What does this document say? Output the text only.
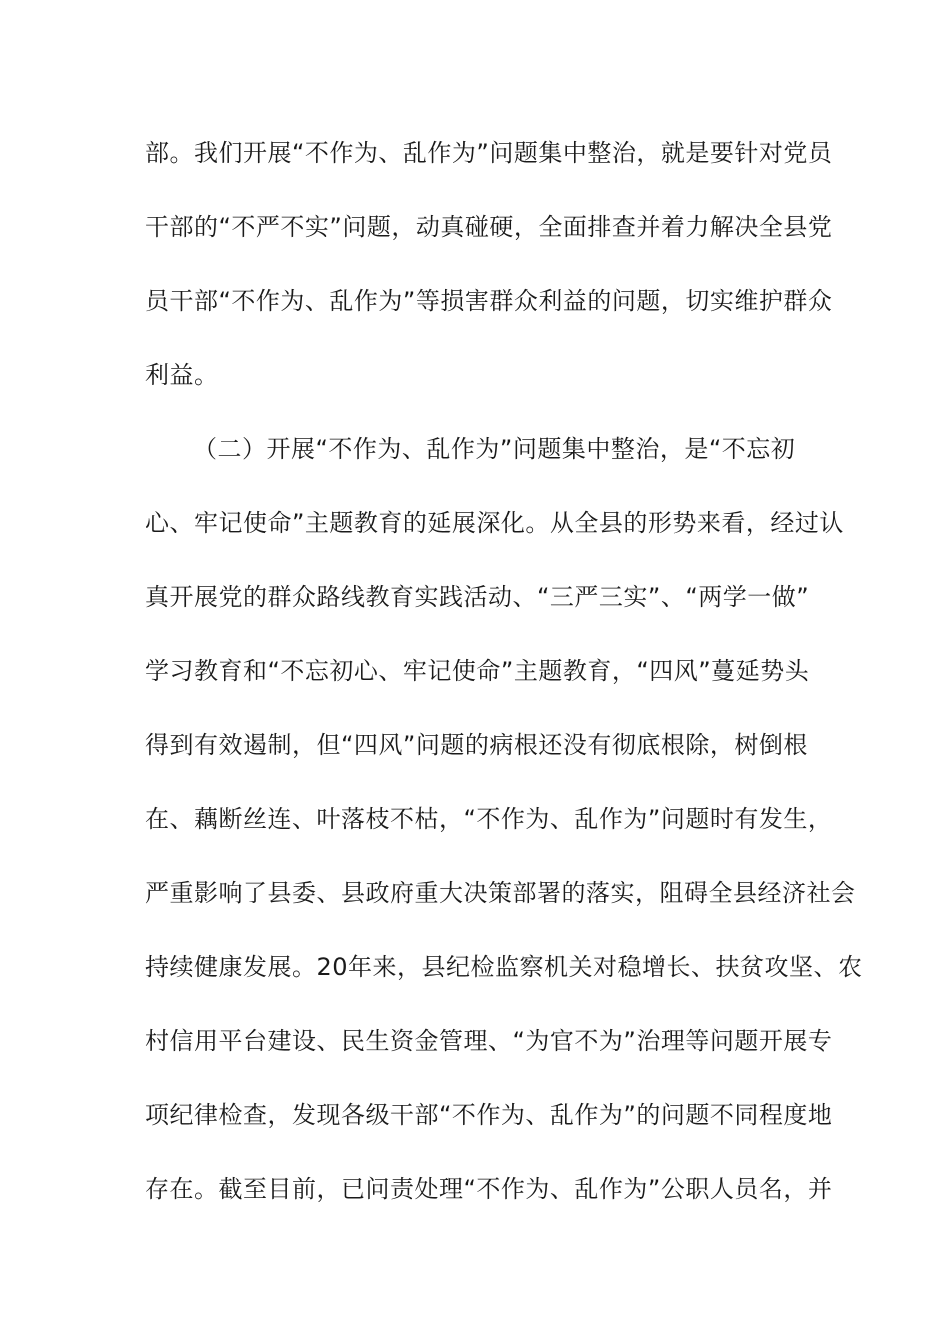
部。我们开展“不作为、乱作为”问题集中整治，就是要针对党员
干部的“不严不实”问题，动真碰硬，全面排查并着力解决全县党
员干部“不作为、乱作为”等损害群众利益的问题，切实维护群众
利益。
（二）开展“不作为、乱作为”问题集中整治，是“不忘初
心、牢记使命”主题教育的延展深化。从全县的形势来看，经过认
真开展党的群众路线教育实践活动、“三严三实”、“两学一做”
学习教育和“不忘初心、牢记使命”主题教育，“四风”蔓延势头
得到有效遏制，但“四风”问题的病根还没有彻底根除，树倒根
在、藕断丝连、叶落枝不枯，“不作为、乱作为”问题时有发生，
严重影响了县委、县政府重大决策部署的落实，阻碍全县经济社会
持续健康发展。20年来，县纪检监察机关对稳增长、扶贫攻坚、农
村信用平台建设、民生资金管理、“为官不为”治理等问题开展专
项纪律检查，发现各级干部“不作为、乱作为”的问题不同程度地
存在。截至目前，已问责处理“不作为、乱作为”公职人员名，并
